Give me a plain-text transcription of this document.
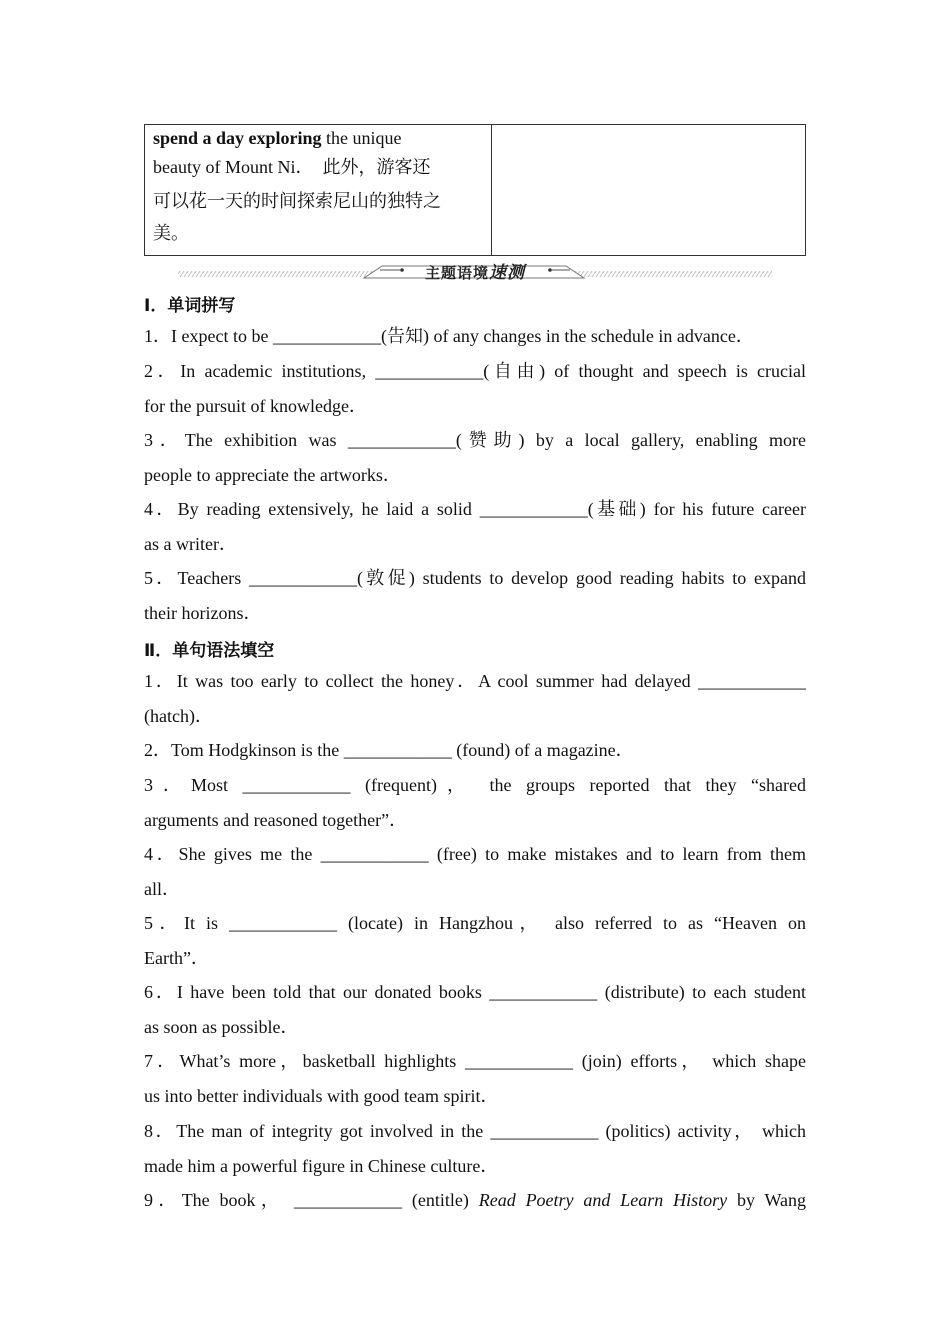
spend a day exploring the unique
beauty of Mount Ni．　此外，游客还
可以花一天的时间探索尼山的独特之
美。

主题语境速测
Ⅰ．单词拼写
1．I expect to be ____________(告知) of any changes in the schedule in advance．
2．In academic institutions, ____________(自由) of thought and speech is crucial
for the pursuit of knowledge．
3．The exhibition was ____________(赞助) by a local gallery, enabling more
people to appreciate the artworks．
4．By reading extensively, he laid a solid ____________(基础) for his future career
as a writer．
5．Teachers ____________(敦促) students to develop good reading habits to expand
their horizons．
Ⅱ．单句语法填空
1．It was too early to collect the honey．A cool summer had delayed ____________
(hatch)．
2．Tom Hodgkinson is the ____________ (found) of a magazine．
3．Most ____________ (frequent)， the groups reported that they “shared
arguments and reasoned together”．
4．She gives me the ____________ (free) to make mistakes and to learn from them
all．
5．It is ____________ (locate) in Hangzhou， also referred to as “Heaven on
Earth”．
6．I have been told that our donated books ____________ (distribute) to each student
as soon as possible．
7．What’s more，basketball highlights ____________ (join) efforts， which shape
us into better individuals with good team spirit．
8．The man of integrity got involved in the ____________ (politics) activity， which
made him a powerful figure in Chinese culture．
9．The book， ____________ (entitle) Read Poetry and Learn History by Wang
